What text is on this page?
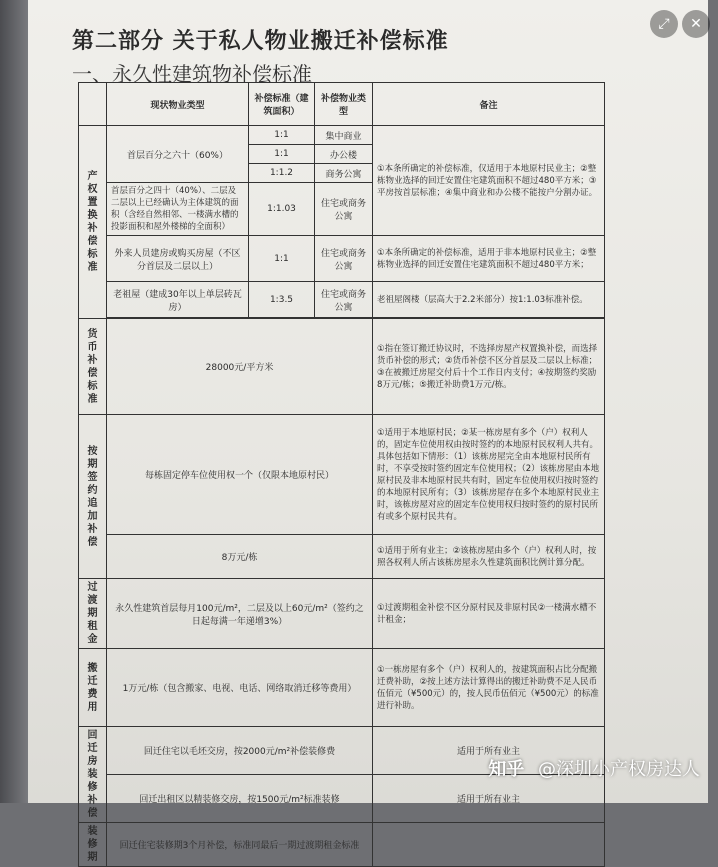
第二部分 关于私人物业搬迁补偿标准
一、永久性建筑物补偿标准
⤢	✕
	现状物业类型	补偿标准（建筑面积）	补偿物业类型	备注
产权置换补偿标准	首层百分之六十（60%）	1:1	集中商业	①本条所确定的补偿标准，仅适用于本地原村民业主；②整栋物业选择的回迁安置住宅建筑面积不超过480平方米；③平房按首层标准；④集中商业和办公楼不能按户分割办证。
		1:1	办公楼	
		1:1.2	商务公寓	
	首层百分之四十（40%）、二层及二层以上已经确认为主体建筑的面积（含经自然相邻、一楼满水槽的投影面积和屋外楼梯的全面积）	1:1.03	住宅或商务公寓	
	外来人员建房或购买房屋（不区分首层及二层以上）	1:1	住宅或商务公寓	①本条所确定的补偿标准，适用于非本地原村民业主；②整栋物业选择的回迁安置住宅建筑面积不超过480平方米；
	老祖屋（建成30年以上单层砖瓦房）	1:3.5	住宅或商务公寓	老祖屋阁楼（层高大于2.2米部分）按1:1.03标准补偿。

货币补偿标准	28000元/平方米			①指在签订搬迁协议时，不选择房屋产权置换补偿，而选择货币补偿的形式；②货币补偿不区分首层及二层以上标准；③在被搬迁房屋交付后十个工作日内支付；④按期签约奖励8万元/栋；⑤搬迁补助费1万元/栋。
按期签约追加补偿	每栋固定停车位使用权一个（仅限本地原村民）			①适用于本地原村民；②某一栋房屋有多个（户）权利人的，固定车位使用权由按时签约的本地原村民权利人共有。具体包括如下情形：（1）该栋房屋完全由本地原村民所有时，不享受按时签约固定车位使用权；（2）该栋房屋由本地原村民及非本地原村民共有时，固定车位使用权归按时签约的本地原村民所有；（3）该栋房屋存在多个本地原村民业主时，该栋房屋对应的固定车位使用权归按时签约的原村民所有或多个原村民共有。
	8万元/栋			①适用于所有业主；②该栋房屋由多个（户）权利人时，按照各权利人所占该栋房屋永久性建筑面积比例计算分配。
过渡期租金	永久性建筑首层每月100元/m²，二层及以上60元/m²（签约之日起每满一年递增3%）			①过渡期租金补偿不区分原村民及非原村民②一楼满水槽不计租金；
搬迁费用	1万元/栋（包含搬家、电视、电话、网络取消迁移等费用）			①一栋房屋有多个（户）权利人的，按建筑面积占比分配搬迁费补助，②按上述方法计算得出的搬迁补助费不足人民币伍佰元（¥500元）的，按人民币伍佰元（¥500元）的标准进行补助。
回迁房装修补偿	回迁住宅以毛坯交房，按2000元/m²补偿装修费			适用于所有业主
	回迁出租区以精装修交房，按1500元/m²标准装修			适用于所有业主
装修期	回迁住宅装修期3个月补偿，标准同最后一期过渡期租金标准			
知乎 @深圳小产权房达人
